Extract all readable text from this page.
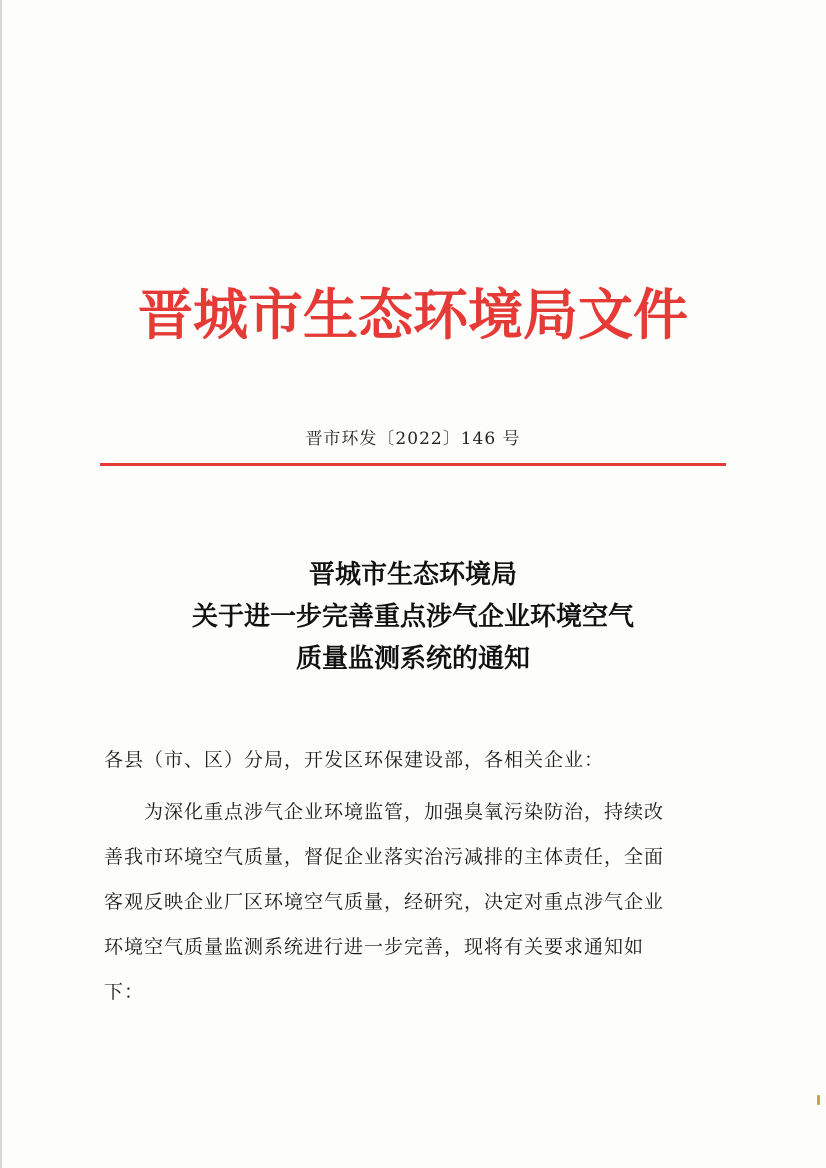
晋城市生态环境局文件
晋市环发〔2022〕146 号
晋城市生态环境局
关于进一步完善重点涉气企业环境空气
质量监测系统的通知
各县（市、区）分局，开发区环保建设部，各相关企业：
为深化重点涉气企业环境监管，加强臭氧污染防治，持续改
善我市环境空气质量，督促企业落实治污减排的主体责任，全面
客观反映企业厂区环境空气质量，经研究，决定对重点涉气企业
环境空气质量监测系统进行进一步完善，现将有关要求通知如
下：
